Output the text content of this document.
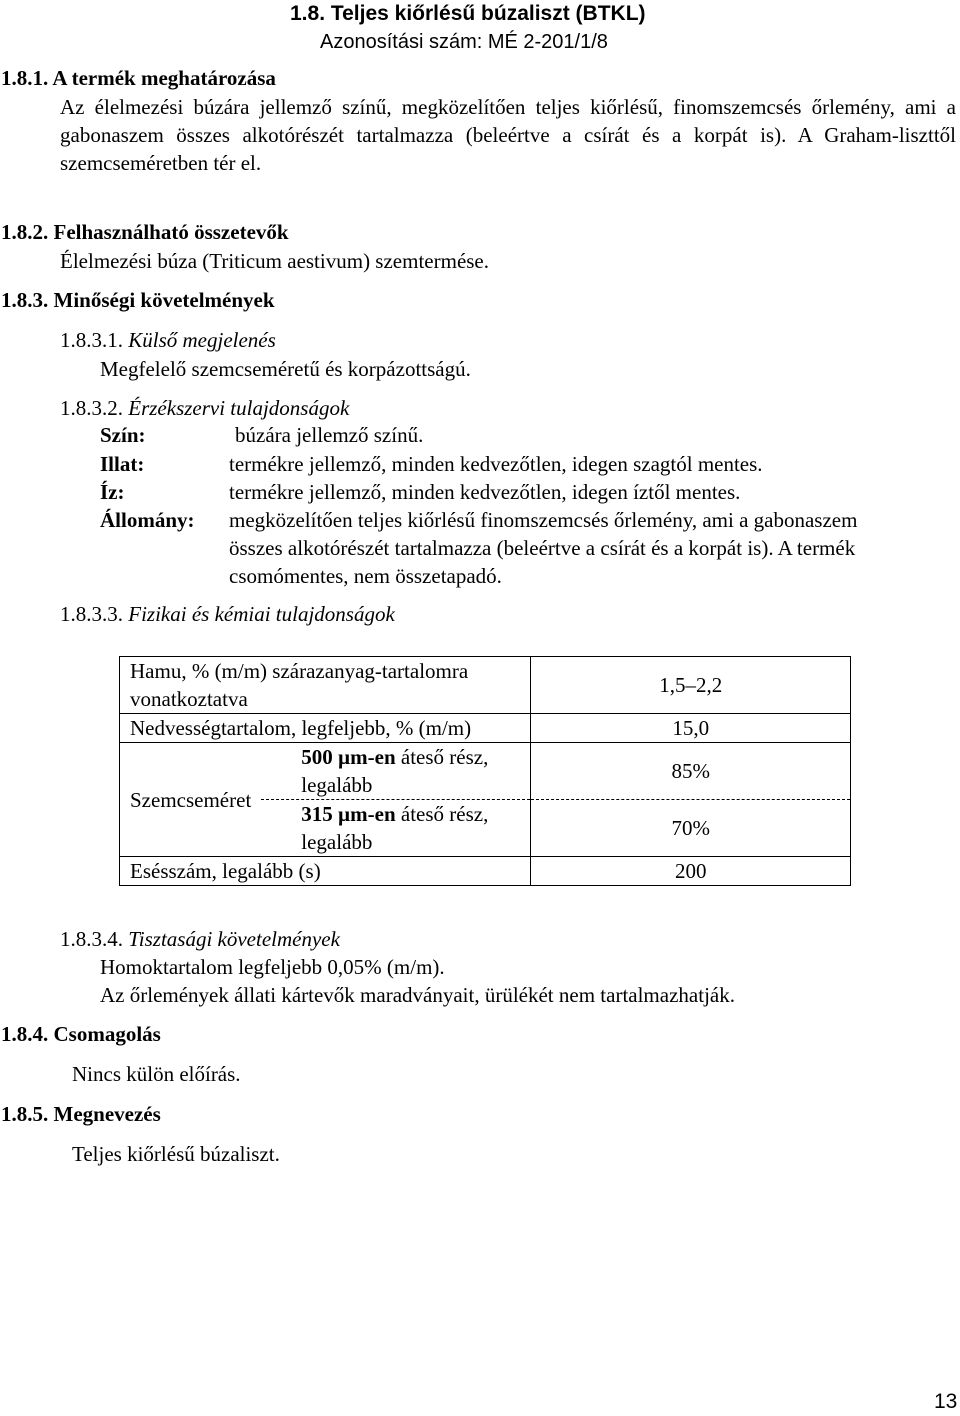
1.8. Teljes kiőrlésű búzaliszt (BTKL)
Azonosítási szám: MÉ 2-201/1/8
1.8.1. A termék meghatározása
Az élelmezési búzára jellemző színű, megközelítően teljes kiőrlésű, finomszemcsés őrlemény, ami a gabonaszem összes alkotórészét tartalmazza (beleértve a csírát és a korpát is). A Graham-liszttől szemcseméretben tér el.
1.8.2. Felhasználható összetevők
Élelmezési búza (Triticum aestivum) szemtermése.
1.8.3. Minőségi követelmények
1.8.3.1. Külső megjelenés
Megfelelő szemcseméretű és korpázottságú.
1.8.3.2. Érzékszervi tulajdonságok
Szín:	búzára jellemző színű.
Illat:	termékre jellemző, minden kedvezőtlen, idegen szagtól mentes.
Íz:	termékre jellemző, minden kedvezőtlen, idegen íztől mentes.
Állomány: megközelítően teljes kiőrlésű finomszemcsés őrlemény, ami a gabonaszem
összes alkotórészét tartalmazza (beleértve a csírát és a korpát is). A termék
csomómentes, nem összetapadó.
1.8.3.3. Fizikai és kémiai tulajdonságok
Hamu, % (m/m) szárazanyag-tartalomra vonatkoztatva		1,5–2,2
Nedvességtartalom, legfeljebb, % (m/m)		15,0
Szemcseméret	500 µm-en áteső rész, legalább	85%
	315 µm-en áteső rész, legalább	70%
Esésszám, legalább (s)		200
1.8.3.4. Tisztasági követelmények
Homoktartalom legfeljebb 0,05% (m/m).
Az őrlemények állati kártevők maradványait, ürülékét nem tartalmazhatják.
1.8.4. Csomagolás
Nincs külön előírás.
1.8.5. Megnevezés
Teljes kiőrlésű búzaliszt.
13
